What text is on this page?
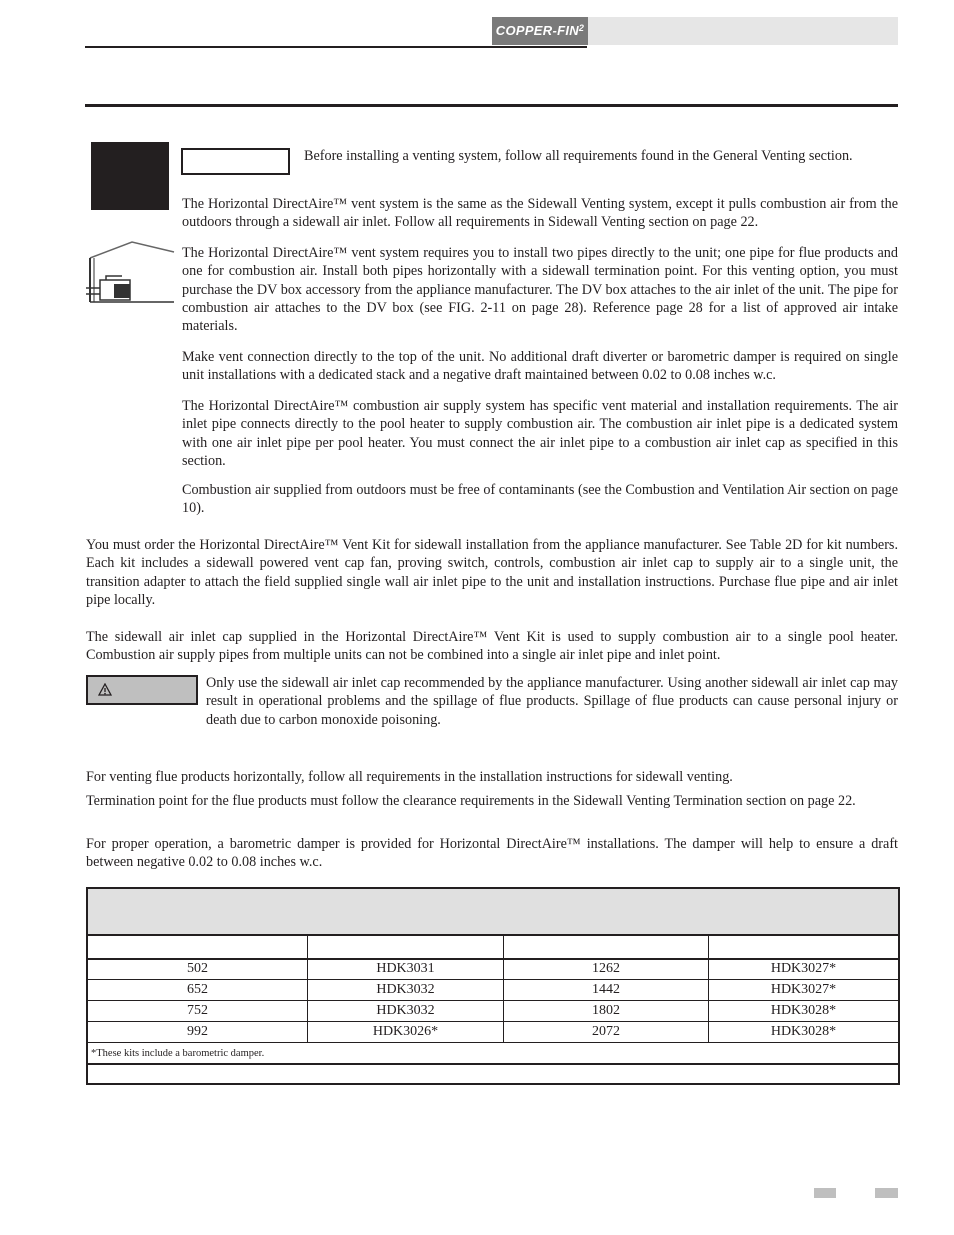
COPPER-FIN$^2$

Before installing a venting system, follow all requirements found in the General Venting section.

The Horizontal DirectAire™ vent system is the same as the Sidewall Venting system, except it pulls combustion air from the outdoors through a sidewall air inlet. Follow all requirements in Sidewall Venting section on page 22.

The Horizontal DirectAire™ vent system requires you to install two pipes directly to the unit; one pipe for flue products and one for combustion air. Install both pipes horizontally with a sidewall termination point. For this venting option, you must purchase the DV box accessory from the appliance manufacturer. The DV box attaches to the air inlet of the unit. The pipe for combustion air attaches to the DV box (see FIG. 2-11 on page 28). Reference page 28 for a list of approved air intake materials.

Make vent connection directly to the top of the unit. No additional draft diverter or barometric damper is required on single unit installations with a dedicated stack and a negative draft maintained between 0.02 to 0.08 inches w.c.

The Horizontal DirectAire™ combustion air supply system has specific vent material and installation requirements. The air inlet pipe connects directly to the pool heater to supply combustion air. The combustion air inlet pipe is a dedicated system with one air inlet pipe per pool heater. You must connect the air inlet pipe to a combustion air inlet cap as specified in this section.

Combustion air supplied from outdoors must be free of contaminants (see the Combustion and Ventilation Air section on page 10).

You must order the Horizontal DirectAire™ Vent Kit for sidewall installation from the appliance manufacturer. See Table 2D for kit numbers. Each kit includes a sidewall powered vent cap fan, proving switch, controls, combustion air inlet cap to supply air to a single unit, the transition adapter to attach the field supplied single wall air inlet pipe to the unit and installation instructions. Purchase flue pipe and air inlet pipe locally.

The sidewall air inlet cap supplied in the Horizontal DirectAire™ Vent Kit is used to supply combustion air to a single pool heater. Combustion air supply pipes from multiple units can not be combined into a single air inlet pipe and inlet point.

Only use the sidewall air inlet cap recommended by the appliance manufacturer. Using another sidewall air inlet cap may result in operational problems and the spillage of flue products. Spillage of flue products can cause personal injury or death due to carbon monoxide poisoning.

For venting flue products horizontally, follow all requirements in the installation instructions for sidewall venting.

Termination point for the flue products must follow the clearance requirements in the Sidewall Venting Termination section on page 22.

For proper operation, a barometric damper is provided for Horizontal DirectAire™ installations. The damper will help to ensure a draft between negative 0.02 to 0.08 inches w.c.

502	HDK3031	1262	HDK3027*
652	HDK3032	1442	HDK3027*
752	HDK3032	1802	HDK3028*
992	HDK3026*	2072	HDK3028*
*These kits include a barometric damper.
